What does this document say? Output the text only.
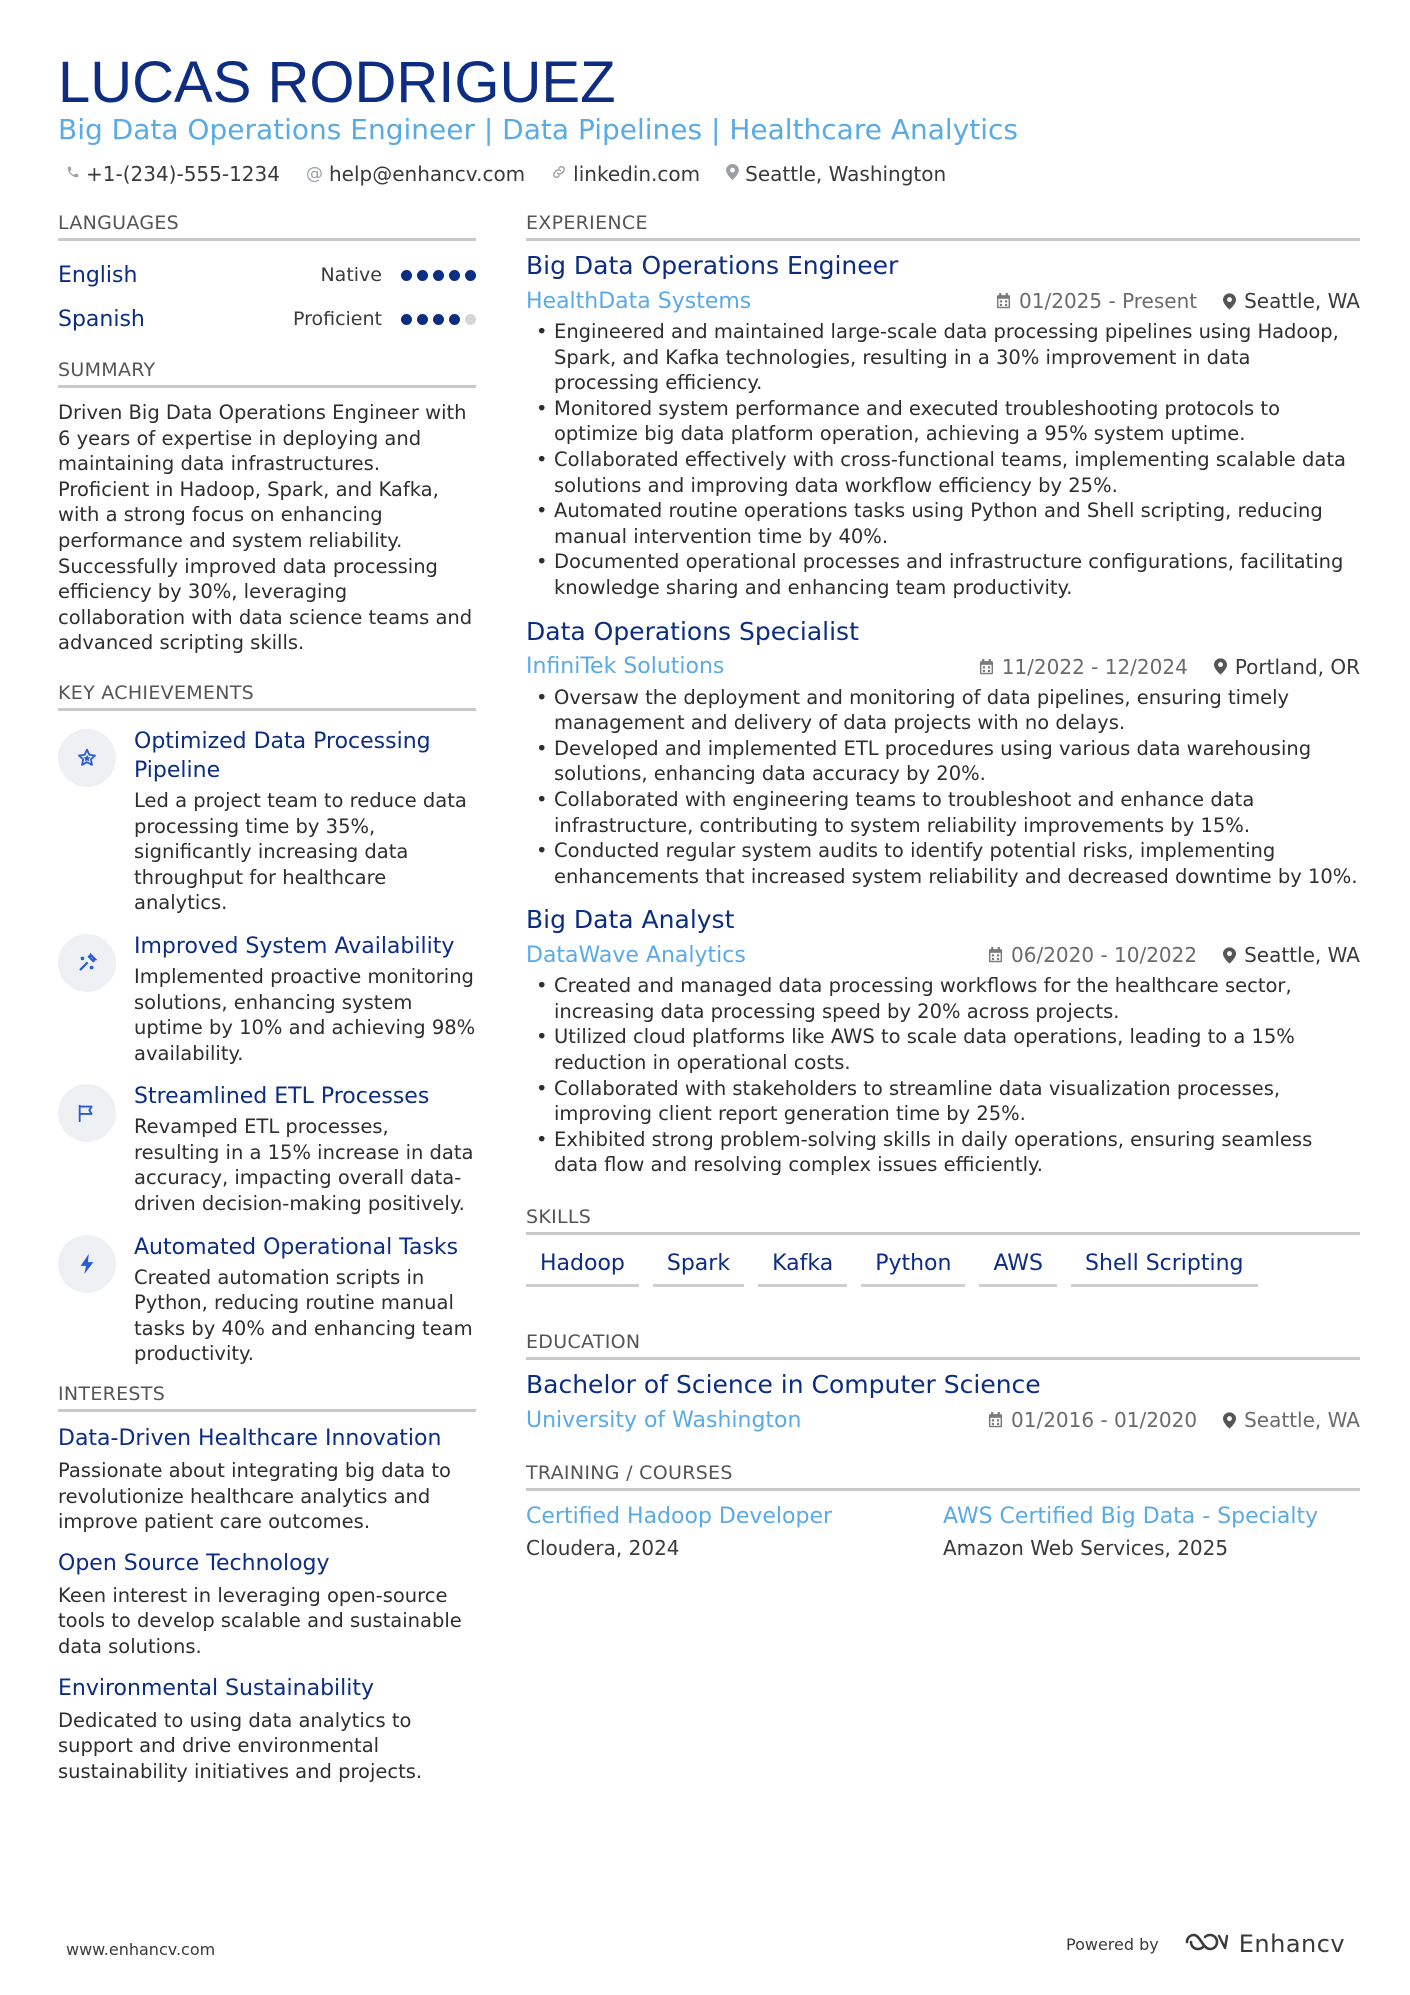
LUCAS RODRIGUEZ
Big Data Operations Engineer | Data Pipelines | Healthcare Analytics
+1-(234)-555-1234 @ help@enhancv.com linkedin.com Seattle, Washington
LANGUAGES
English	Native
Spanish	Proficient
SUMMARY
Driven Big Data Operations Engineer with 6 years of expertise in deploying and maintaining data infrastructures. Proficient in Hadoop, Spark, and Kafka, with a strong focus on enhancing performance and system reliability. Successfully improved data processing efficiency by 30%, leveraging collaboration with data science teams and advanced scripting skills.
KEY ACHIEVEMENTS
Optimized Data Processing Pipeline
Led a project team to reduce data processing time by 35%, significantly increasing data throughput for healthcare analytics.
Improved System Availability
Implemented proactive monitoring solutions, enhancing system uptime by 10% and achieving 98% availability.
Streamlined ETL Processes
Revamped ETL processes, resulting in a 15% increase in data accuracy, impacting overall data-driven decision-making positively.
Automated Operational Tasks
Created automation scripts in Python, reducing routine manual tasks by 40% and enhancing team productivity.
INTERESTS
Data-Driven Healthcare Innovation
Passionate about integrating big data to revolutionize healthcare analytics and improve patient care outcomes.
Open Source Technology
Keen interest in leveraging open-source tools to develop scalable and sustainable data solutions.
Environmental Sustainability
Dedicated to using data analytics to support and drive environmental sustainability initiatives and projects.
EXPERIENCE
Big Data Operations Engineer
HealthData Systems	01/2025 - Present Seattle, WA
• Engineered and maintained large-scale data processing pipelines using Hadoop, Spark, and Kafka technologies, resulting in a 30% improvement in data processing efficiency.
• Monitored system performance and executed troubleshooting protocols to optimize big data platform operation, achieving a 95% system uptime.
• Collaborated effectively with cross-functional teams, implementing scalable data solutions and improving data workflow efficiency by 25%.
• Automated routine operations tasks using Python and Shell scripting, reducing manual intervention time by 40%.
• Documented operational processes and infrastructure configurations, facilitating knowledge sharing and enhancing team productivity.
Data Operations Specialist
InfiniTek Solutions	11/2022 - 12/2024 Portland, OR
• Oversaw the deployment and monitoring of data pipelines, ensuring timely management and delivery of data projects with no delays.
• Developed and implemented ETL procedures using various data warehousing solutions, enhancing data accuracy by 20%.
• Collaborated with engineering teams to troubleshoot and enhance data infrastructure, contributing to system reliability improvements by 15%.
• Conducted regular system audits to identify potential risks, implementing enhancements that increased system reliability and decreased downtime by 10%.
Big Data Analyst
DataWave Analytics	06/2020 - 10/2022 Seattle, WA
• Created and managed data processing workflows for the healthcare sector, increasing data processing speed by 20% across projects.
• Utilized cloud platforms like AWS to scale data operations, leading to a 15% reduction in operational costs.
• Collaborated with stakeholders to streamline data visualization processes, improving client report generation time by 25%.
• Exhibited strong problem-solving skills in daily operations, ensuring seamless data flow and resolving complex issues efficiently.
SKILLS
Hadoop	Spark	Kafka	Python	AWS	Shell Scripting
EDUCATION
Bachelor of Science in Computer Science
University of Washington	01/2016 - 01/2020 Seattle, WA
TRAINING / COURSES
Certified Hadoop Developer
Cloudera, 2024
AWS Certified Big Data - Specialty
Amazon Web Services, 2025
www.enhancv.com	Powered by	Enhancv
